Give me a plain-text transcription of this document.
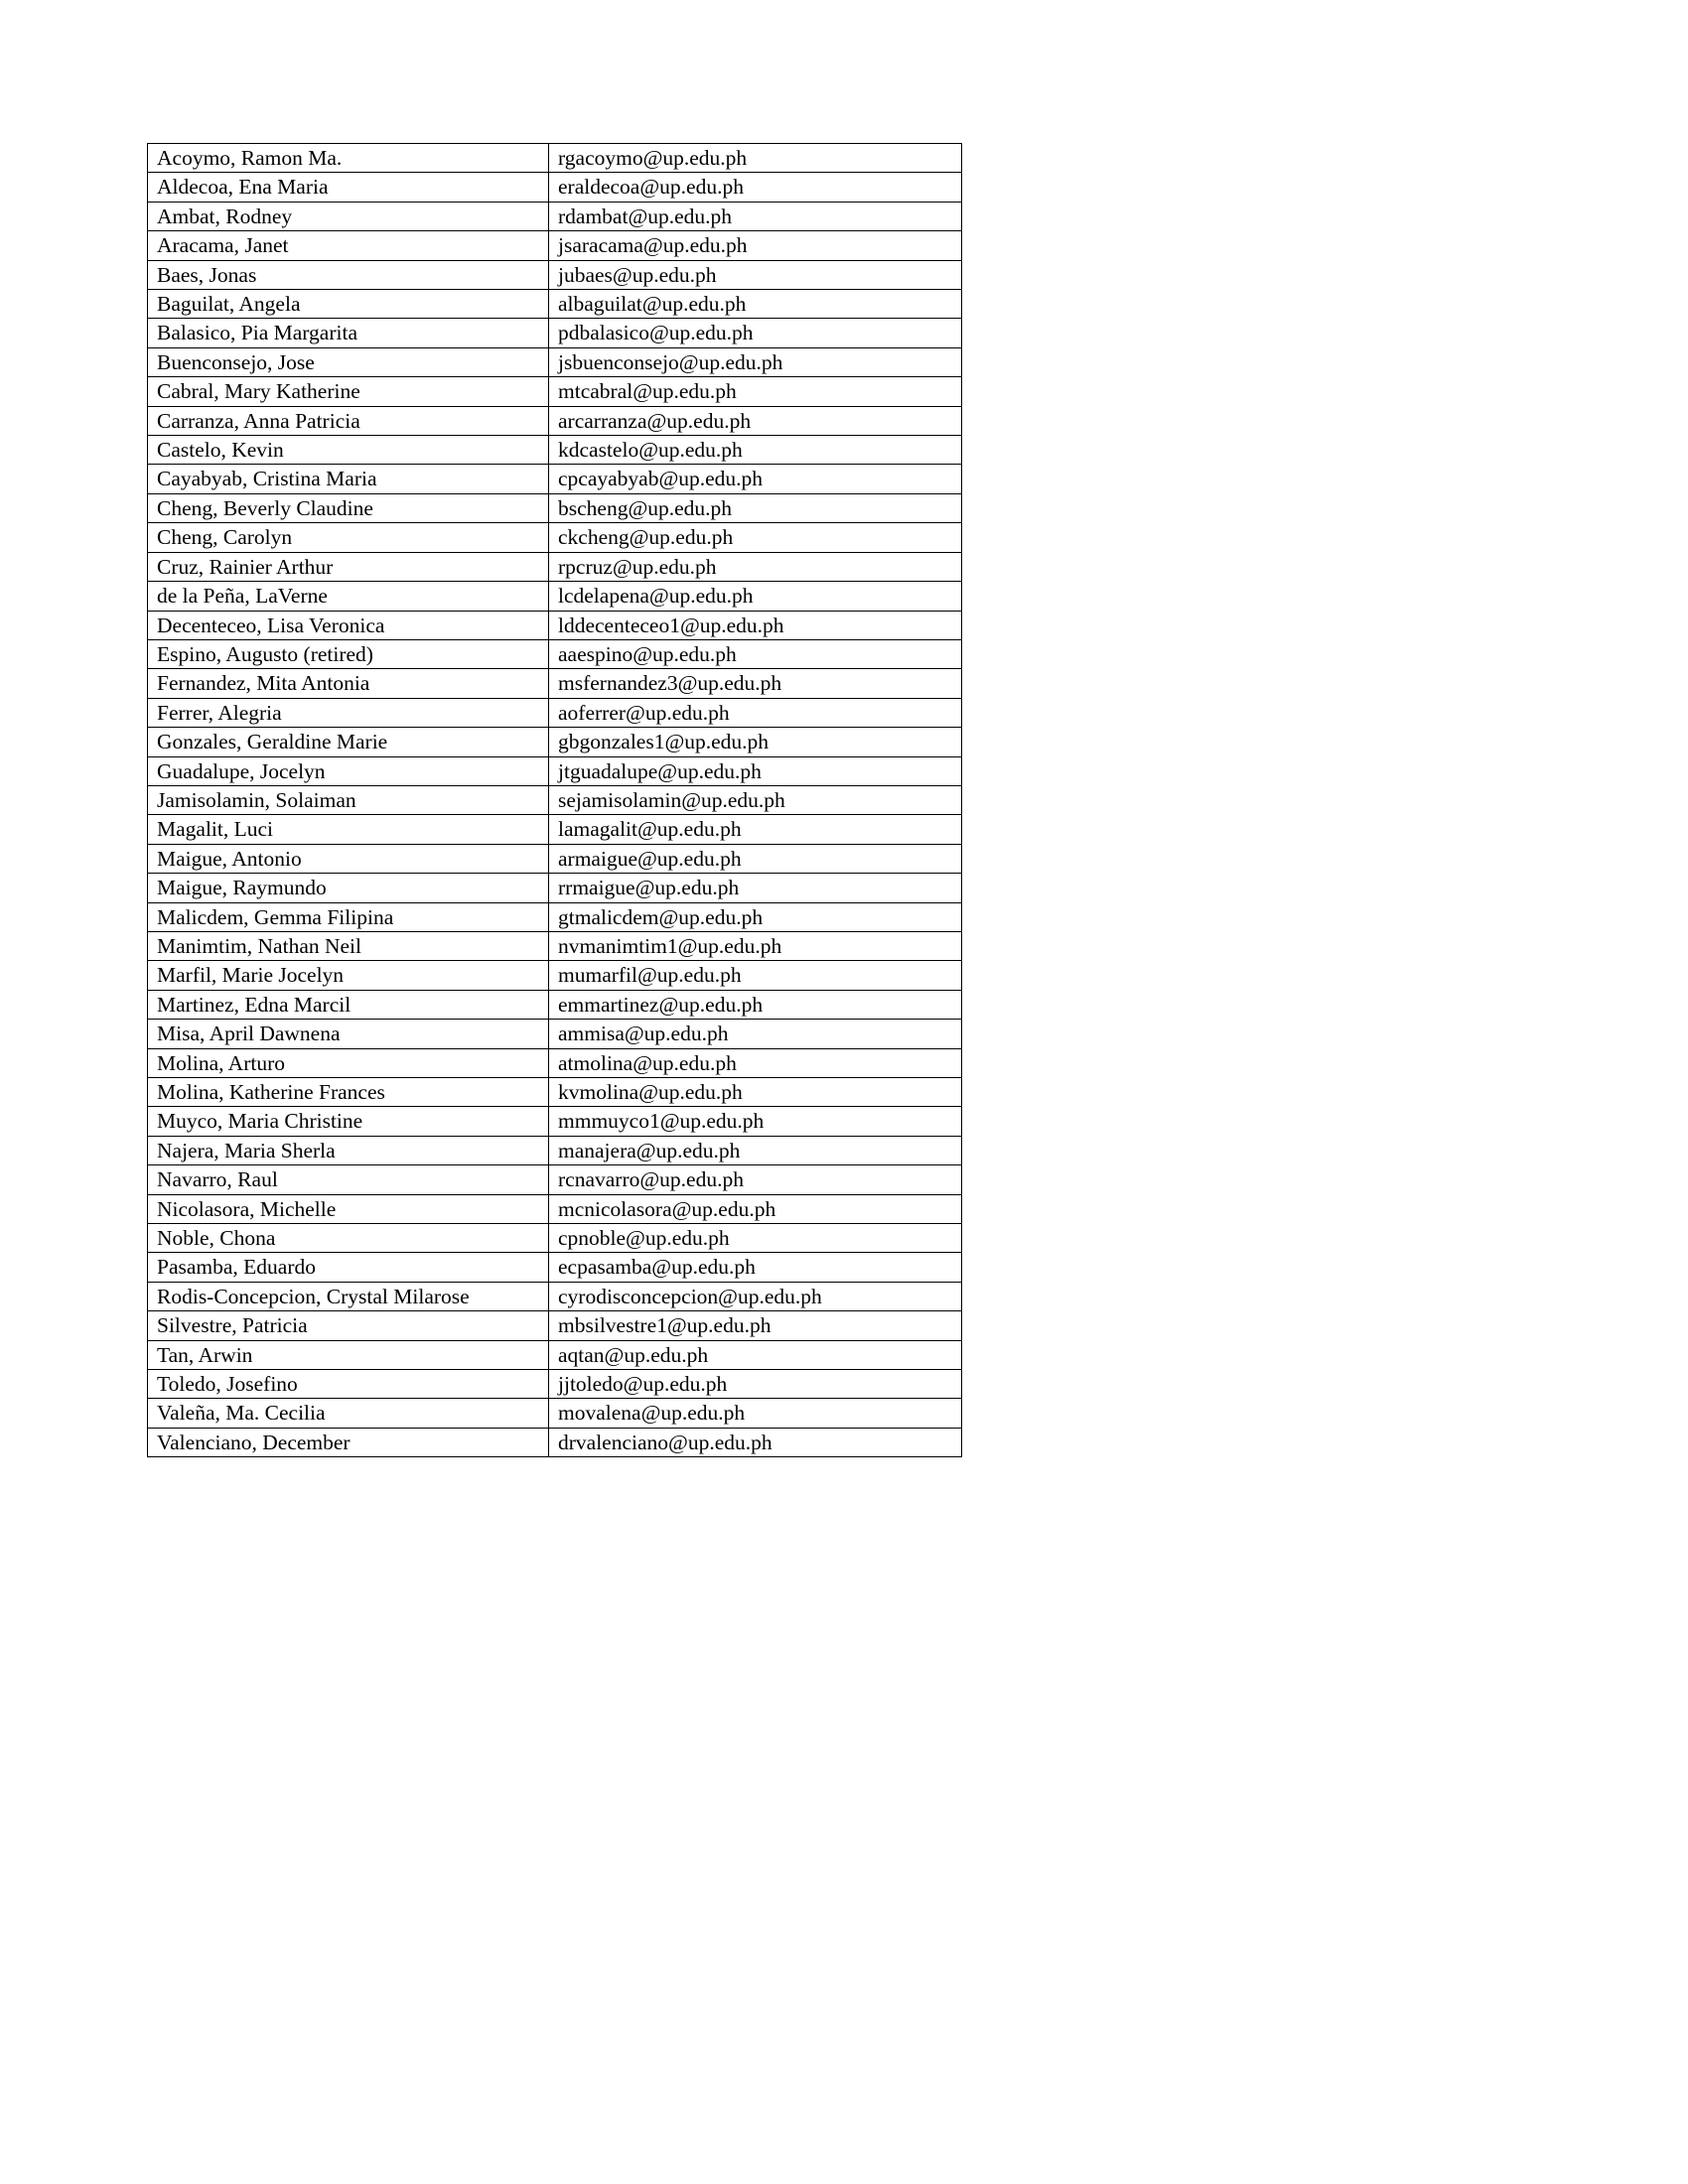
Acoymo, Ramon Ma.	rgacoymo@up.edu.ph
Aldecoa, Ena Maria	eraldecoa@up.edu.ph
Ambat, Rodney	rdambat@up.edu.ph
Aracama, Janet	jsaracama@up.edu.ph
Baes, Jonas	jubaes@up.edu.ph
Baguilat, Angela	albaguilat@up.edu.ph
Balasico, Pia Margarita	pdbalasico@up.edu.ph
Buenconsejo, Jose	jsbuenconsejo@up.edu.ph
Cabral, Mary Katherine	mtcabral@up.edu.ph
Carranza, Anna Patricia	arcarranza@up.edu.ph
Castelo, Kevin	kdcastelo@up.edu.ph
Cayabyab, Cristina Maria	cpcayabyab@up.edu.ph
Cheng, Beverly Claudine	bscheng@up.edu.ph
Cheng, Carolyn	ckcheng@up.edu.ph
Cruz, Rainier Arthur	rpcruz@up.edu.ph
de la Peña, LaVerne	lcdelapena@up.edu.ph
Decenteceo, Lisa Veronica	lddecenteceo1@up.edu.ph
Espino, Augusto (retired)	aaespino@up.edu.ph
Fernandez, Mita Antonia	msfernandez3@up.edu.ph
Ferrer, Alegria	aoferrer@up.edu.ph
Gonzales, Geraldine Marie	gbgonzales1@up.edu.ph
Guadalupe, Jocelyn	jtguadalupe@up.edu.ph
Jamisolamin, Solaiman	sejamisolamin@up.edu.ph
Magalit, Luci	lamagalit@up.edu.ph
Maigue, Antonio	armaigue@up.edu.ph
Maigue, Raymundo	rrmaigue@up.edu.ph
Malicdem, Gemma Filipina	gtmalicdem@up.edu.ph
Manimtim, Nathan Neil	nvmanimtim1@up.edu.ph
Marfil, Marie Jocelyn	mumarfil@up.edu.ph
Martinez, Edna Marcil	emmartinez@up.edu.ph
Misa, April Dawnena	ammisa@up.edu.ph
Molina, Arturo	atmolina@up.edu.ph
Molina, Katherine Frances	kvmolina@up.edu.ph
Muyco, Maria Christine	mmmuyco1@up.edu.ph
Najera, Maria Sherla	manajera@up.edu.ph
Navarro, Raul	rcnavarro@up.edu.ph
Nicolasora, Michelle	mcnicolasora@up.edu.ph
Noble, Chona	cpnoble@up.edu.ph
Pasamba, Eduardo	ecpasamba@up.edu.ph
Rodis-Concepcion, Crystal Milarose	cyrodisconcepcion@up.edu.ph
Silvestre, Patricia	mbsilvestre1@up.edu.ph
Tan, Arwin	aqtan@up.edu.ph
Toledo, Josefino	jjtoledo@up.edu.ph
Valeña, Ma. Cecilia	movalena@up.edu.ph
Valenciano, December	drvalenciano@up.edu.ph
